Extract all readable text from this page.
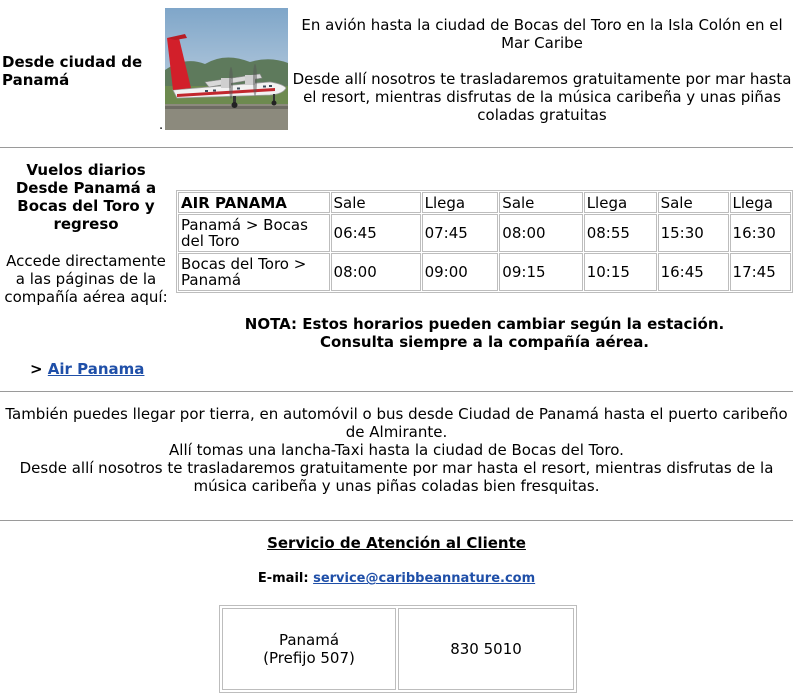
Desde ciudad de Panamá
.

En avión hasta la ciudad de Bocas del Toro en la Isla Colón en el Mar Caribe

Desde allí nosotros te trasladaremos gratuitamente por mar hasta el resort, mientras disfrutas de la música caribeña y unas piñas coladas gratuitas

Vuelos diarios Desde Panamá a Bocas del Toro y regreso
Accede directamente a las páginas de la compañía aérea aquí:
> Air Panama
AIR PANAMA	Sale	Llega	Sale	Llega	Sale	Llega
Panamá > Bocas del Toro	06:45	07:45	08:00	08:55	15:30	16:30
Bocas del Toro > Panamá	08:00	09:00	09:15	10:15	16:45	17:45
NOTA: Estos horarios pueden cambiar según la estación.
Consulta siempre a la compañía aérea.
También puedes llegar por tierra, en automóvil o bus desde Ciudad de Panamá hasta el puerto caribeño de Almirante.
Allí tomas una lancha-Taxi hasta la ciudad de Bocas del Toro.
Desde allí nosotros te trasladaremos gratuitamente por mar hasta el resort, mientras disfrutas de la música caribeña y unas piñas coladas bien fresquitas.
Servicio de Atención al Cliente
E-mail: service@caribbeannature.com
Panamá
(Prefijo 507)	830 5010
